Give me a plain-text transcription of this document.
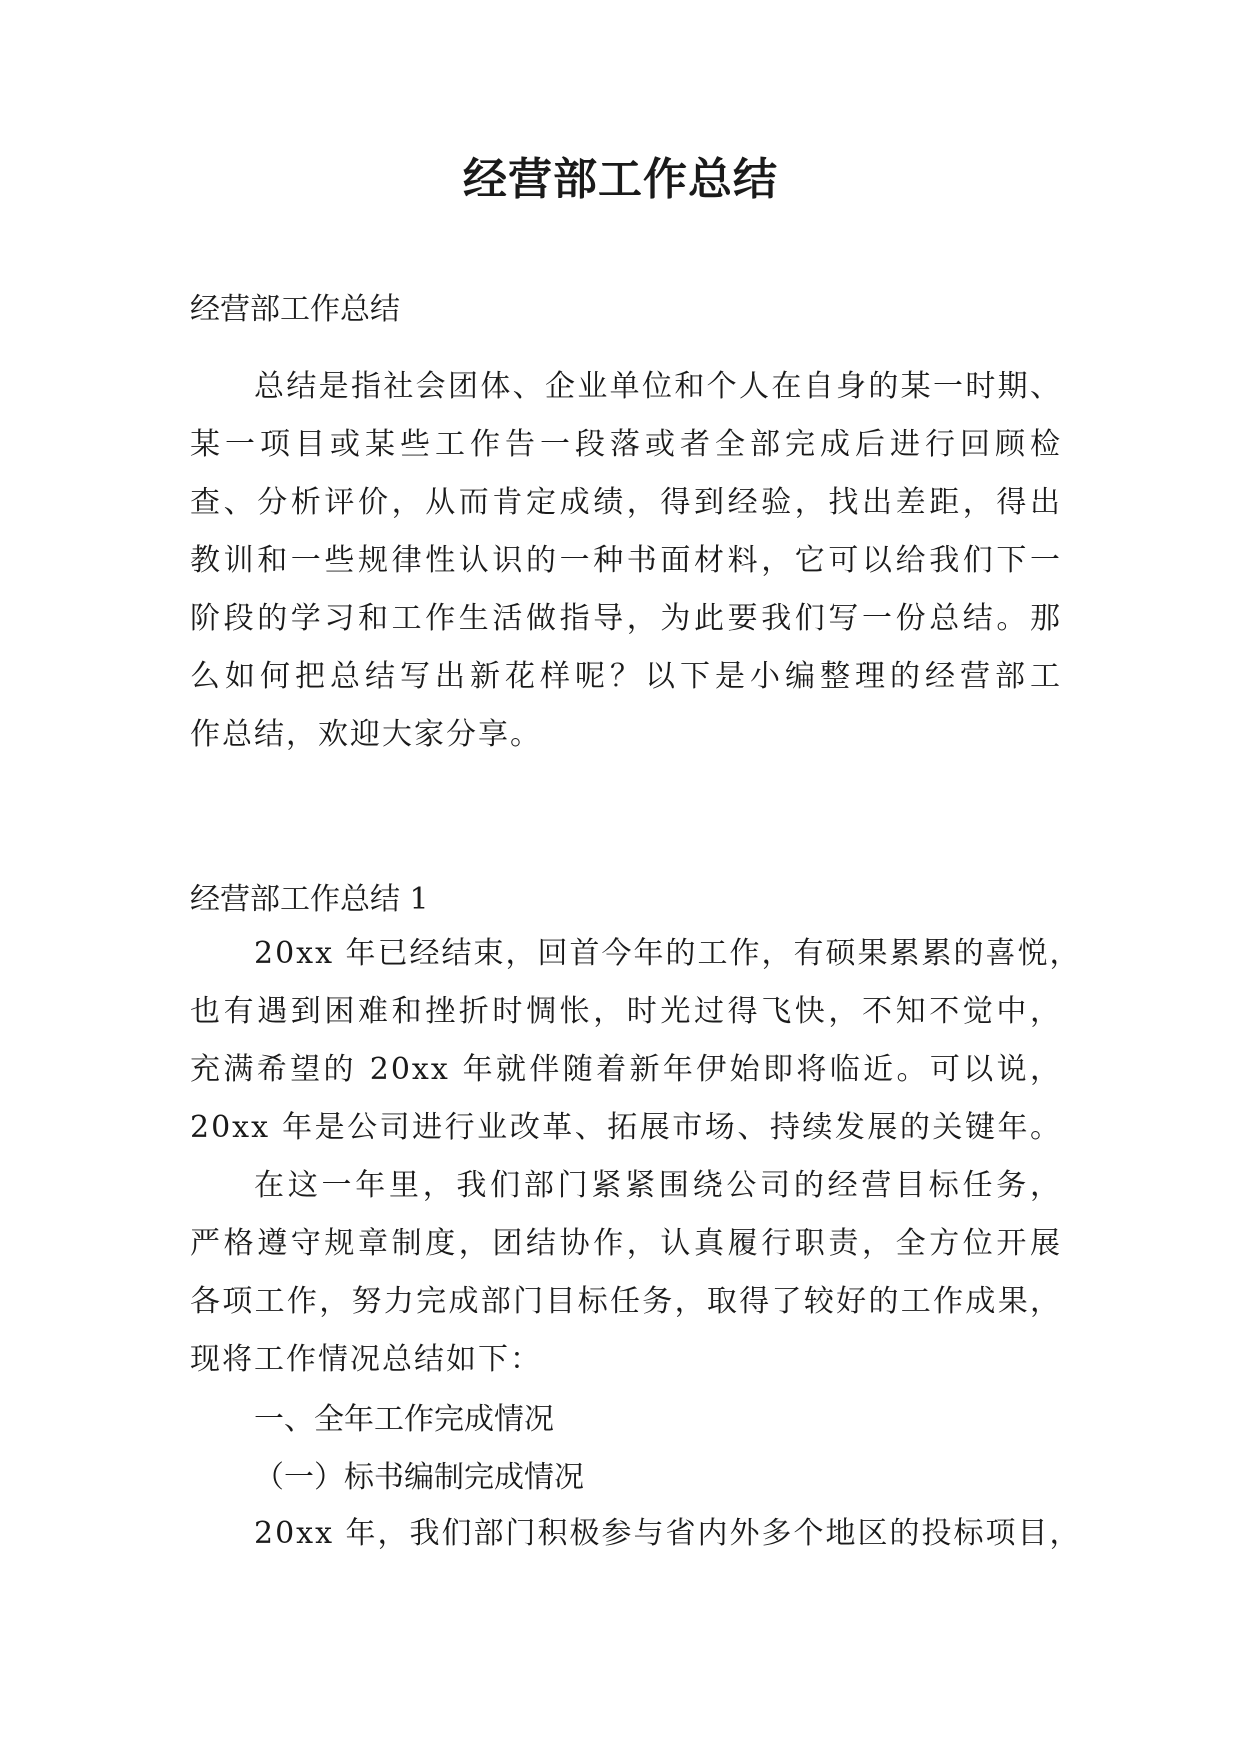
经营部工作总结

经营部工作总结

总结是指社会团体、企业单位和个人在自身的某一时期、
某一项目或某些工作告一段落或者全部完成后进行回顾检
查、分析评价，从而肯定成绩，得到经验，找出差距，得出
教训和一些规律性认识的一种书面材料，它可以给我们下一
阶段的学习和工作生活做指导，为此要我们写一份总结。那
么如何把总结写出新花样呢？以下是小编整理的经营部工
作总结，欢迎大家分享。

经营部工作总结 1

20xx 年已经结束，回首今年的工作，有硕果累累的喜悦，
也有遇到困难和挫折时惆怅，时光过得飞快，不知不觉中，
充满希望的 20xx 年就伴随着新年伊始即将临近。可以说，
20xx 年是公司进行业改革、拓展市场、持续发展的关键年。
在这一年里，我们部门紧紧围绕公司的经营目标任务，
严格遵守规章制度，团结协作，认真履行职责，全方位开展
各项工作，努力完成部门目标任务，取得了较好的工作成果，
现将工作情况总结如下：

一、全年工作完成情况

（一）标书编制完成情况

20xx 年，我们部门积极参与省内外多个地区的投标项目，
